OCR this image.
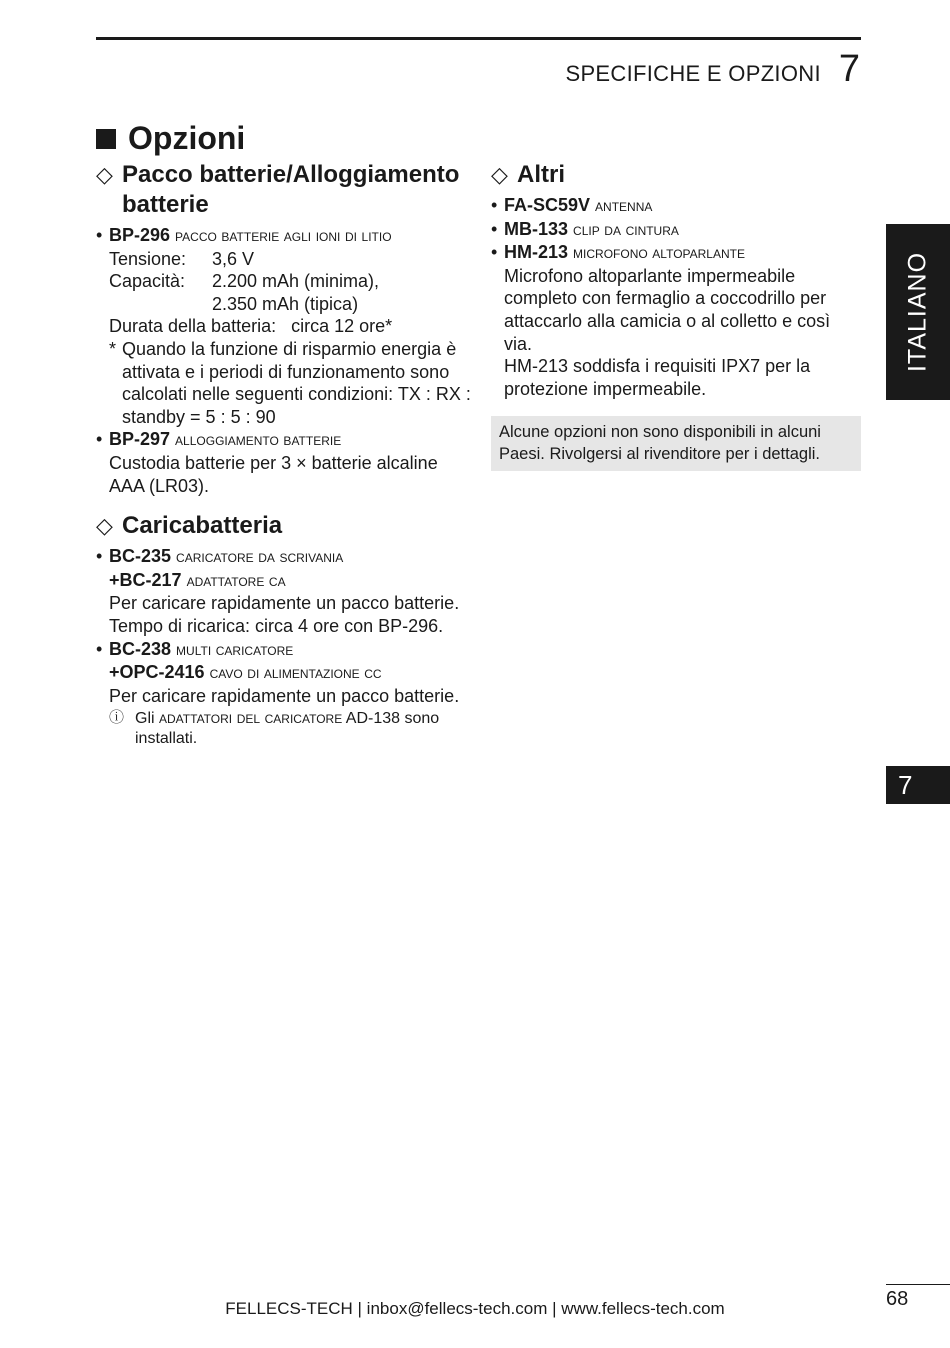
SPECIFICHE E OPZIONI 7
Opzioni
◇ Pacco batterie/Alloggiamento batterie
• BP-296 pacco batterie agli ioni di litio
Tensione:	3,6 V
Capacità:	2.200 mAh (minima),
2.350 mAh (tipica)
Durata della batteria: circa 12 ore*
* Quando la funzione di risparmio energia è attivata e i periodi di funzionamento sono calcolati nelle seguenti condizioni: TX : RX : standby = 5 : 5 : 90
• BP-297 alloggiamento batterie
Custodia batterie per 3 × batterie alcaline AAA (LR03).
◇ Caricabatteria
• BC-235 caricatore da scrivania
+BC-217 adattatore ca
Per caricare rapidamente un pacco batterie.
Tempo di ricarica: circa 4 ore con BP-296.
• BC-238 multi caricatore
+OPC-2416 cavo di alimentazione cc
Per caricare rapidamente un pacco batterie.
ⓘ Gli adattatori del caricatore AD-138 sono installati.
◇ Altri
• FA-SC59V antenna
• MB-133 clip da cintura
• HM-213 microfono altoparlante
Microfono altoparlante impermeabile completo con fermaglio a coccodrillo per attaccarlo alla camicia o al colletto e così via.
HM-213 soddisfa i requisiti IPX7 per la protezione impermeabile.
Alcune opzioni non sono disponibili in alcuni Paesi. Rivolgersi al rivenditore per i dettagli.
ITALIANO
7
68
FELLECS-TECH | inbox@fellecs-tech.com | www.fellecs-tech.com
